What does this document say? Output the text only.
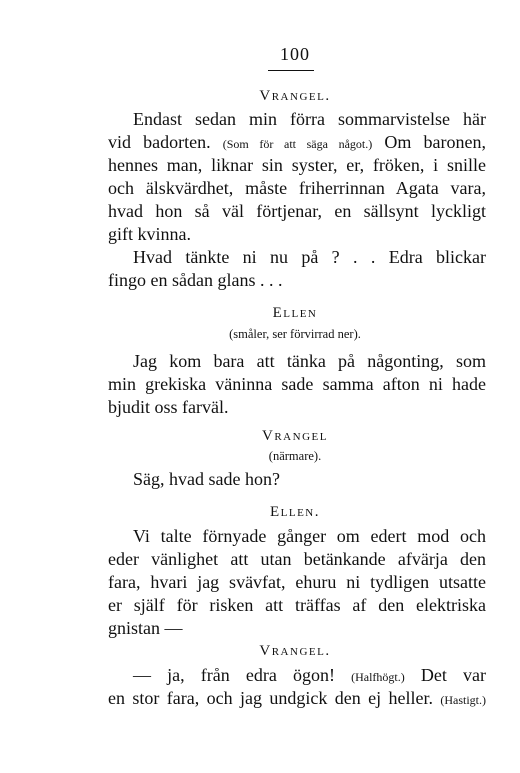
100
Vrangel.
Endast sedan min förra sommarvistelse här
vid badorten. (Som för att säga något.) Om baronen,
hennes man, liknar sin syster, er, fröken, i snille
och älskvärdhet, måste friherrinnan Agata vara,
hvad hon så väl förtjenar, en sällsynt lyckligt
gift kvinna.
Hvad tänkte ni nu på ? . . Edra blickar
fingo en sådan glans . . .
Ellen
(småler, ser förvirrad ner).
Jag kom bara att tänka på någonting, som
min grekiska väninna sade samma afton ni hade
bjudit oss farväl.
Vrangel
(närmare).
Säg, hvad sade hon?
Ellen.
Vi talte förnyade gånger om edert mod och
eder vänlighet att utan betänkande afvärja den
fara, hvari jag svävfat, ehuru ni tydligen utsatte
er själf för risken att träffas af den elektriska
gnistan —
Vrangel.
— ja, från edra ögon! (Halfhögt.) Det var
en stor fara, och jag undgick den ej heller. (Hastigt.)
